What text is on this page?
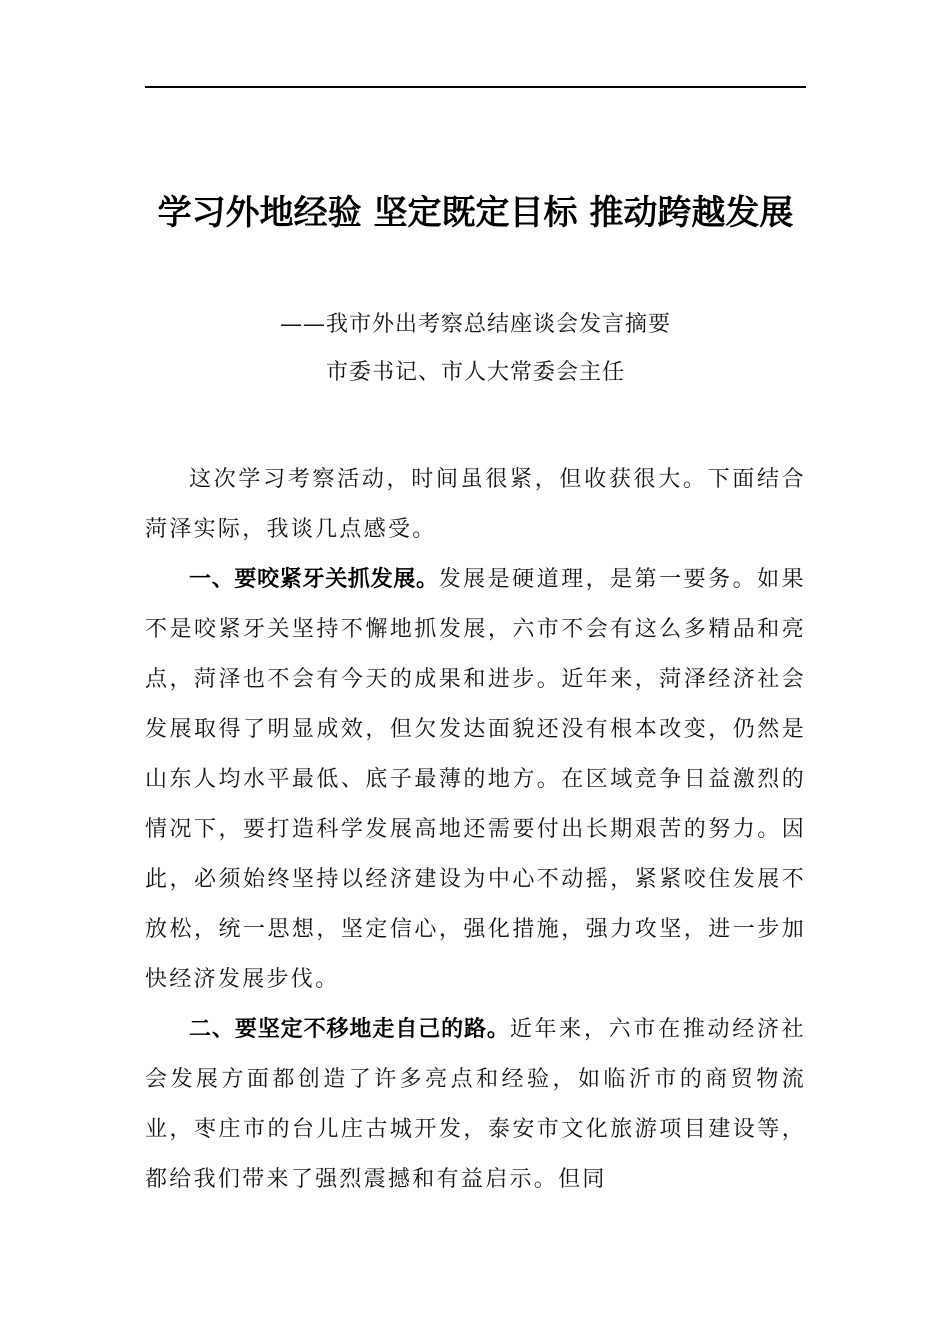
学习外地经验 坚定既定目标 推动跨越发展
——我市外出考察总结座谈会发言摘要
市委书记、市人大常委会主任

这次学习考察活动，时间虽很紧，但收获很大。下面结合菏泽实际，我谈几点感受。

一、要咬紧牙关抓发展。发展是硬道理，是第一要务。如果不是咬紧牙关坚持不懈地抓发展，六市不会有这么多精品和亮点，菏泽也不会有今天的成果和进步。近年来，菏泽经济社会发展取得了明显成效，但欠发达面貌还没有根本改变，仍然是山东人均水平最低、底子最薄的地方。在区域竞争日益激烈的情况下，要打造科学发展高地还需要付出长期艰苦的努力。因此，必须始终坚持以经济建设为中心不动摇，紧紧咬住发展不放松，统一思想，坚定信心，强化措施，强力攻坚，进一步加快经济发展步伐。

二、要坚定不移地走自己的路。近年来，六市在推动经济社会发展方面都创造了许多亮点和经验，如临沂市的商贸物流业，枣庄市的台儿庄古城开发，泰安市文化旅游项目建设等，都给我们带来了强烈震撼和有益启示。但同
